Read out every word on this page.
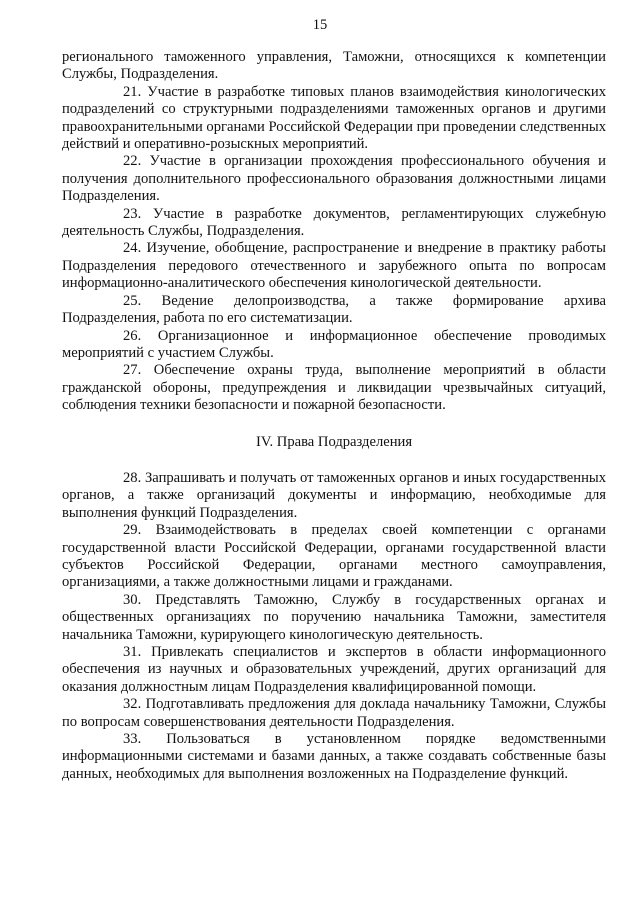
15

регионального таможенного управления, Таможни, относящихся к компетенции Службы, Подразделения.

21. Участие в разработке типовых планов взаимодействия кинологических подразделений со структурными подразделениями таможенных органов и другими правоохранительными органами Российской Федерации при проведении следственных действий и оперативно-розыскных мероприятий.

22. Участие в организации прохождения профессионального обучения и получения дополнительного профессионального образования должностными лицами Подразделения.

23. Участие в разработке документов, регламентирующих служебную деятельность Службы, Подразделения.

24. Изучение, обобщение, распространение и внедрение в практику работы Подразделения передового отечественного и зарубежного опыта по вопросам информационно-аналитического обеспечения кинологической деятельности.

25. Ведение делопроизводства, а также формирование архива Подразделения, работа по его систематизации.

26. Организационное и информационное обеспечение проводимых мероприятий с участием Службы.

27. Обеспечение охраны труда, выполнение мероприятий в области гражданской обороны, предупреждения и ликвидации чрезвычайных ситуаций, соблюдения техники безопасности и пожарной безопасности.

IV. Права Подразделения

28. Запрашивать и получать от таможенных органов и иных государственных органов, а также организаций документы и информацию, необходимые для выполнения функций Подразделения.

29. Взаимодействовать в пределах своей компетенции с органами государственной власти Российской Федерации, органами государственной власти субъектов Российской Федерации, органами местного самоуправления, организациями, а также должностными лицами и гражданами.

30. Представлять Таможню, Службу в государственных органах и общественных организациях по поручению начальника Таможни, заместителя начальника Таможни, курирующего кинологическую деятельность.

31. Привлекать специалистов и экспертов в области информационного обеспечения из научных и образовательных учреждений, других организаций для оказания должностным лицам Подразделения квалифицированной помощи.

32. Подготавливать предложения для доклада начальнику Таможни, Службы по вопросам совершенствования деятельности Подразделения.

33. Пользоваться в установленном порядке ведомственными информационными системами и базами данных, а также создавать собственные базы данных, необходимых для выполнения возложенных на Подразделение функций.
